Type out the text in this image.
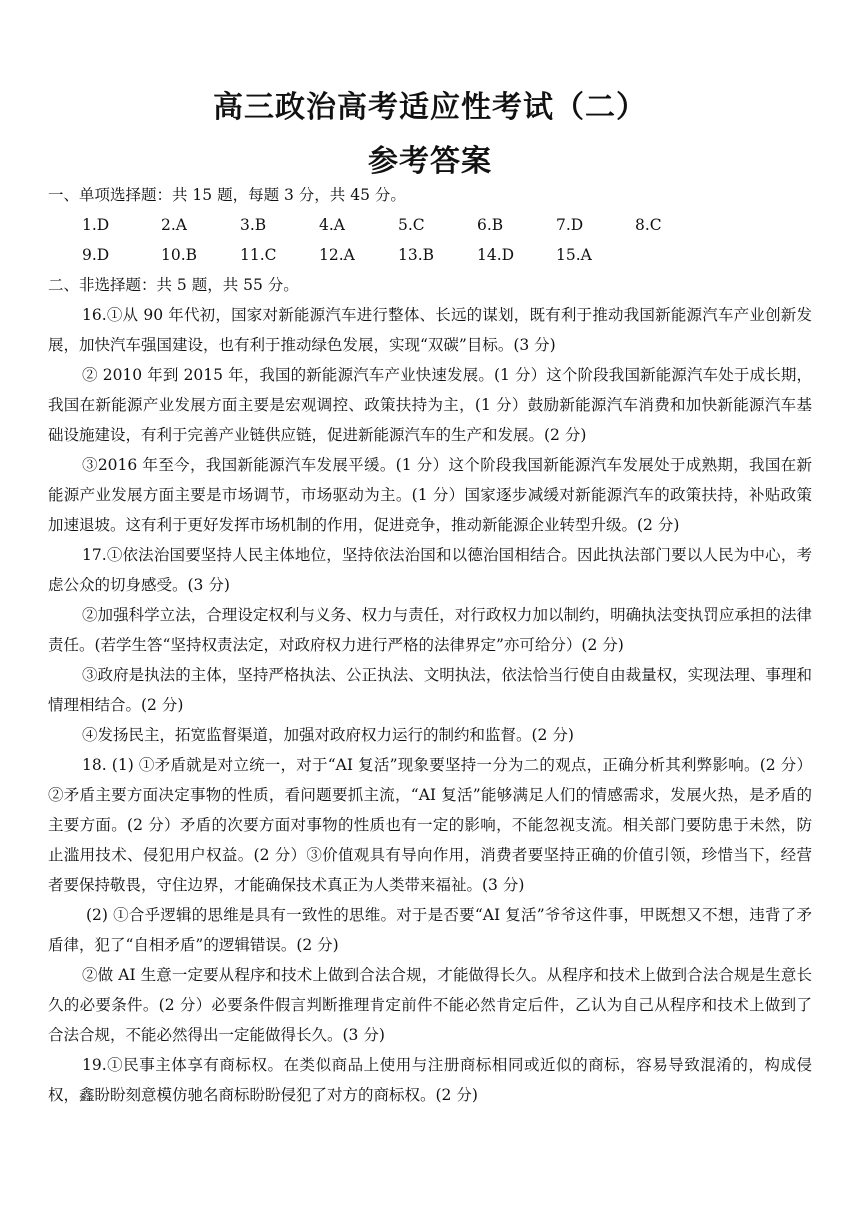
高三政治高考适应性考试（二）
参考答案

一、单项选择题：共 15 题，每题 3 分，共 45 分。

1.D	2.A	3.B	4.A	5.C	6.B	7.D	8.C
9.D	10.B	11.C	12.A	13.B	14.D	15.A

二、非选择题：共 5 题，共 55 分。

16.①从 90 年代初，国家对新能源汽车进行整体、长远的谋划，既有利于推动我国新能源汽车产业创新发展，加快汽车强国建设，也有利于推动绿色发展，实现“双碳”目标。(3 分)

② 2010 年到 2015 年，我国的新能源汽车产业快速发展。(1 分）这个阶段我国新能源汽车处于成长期，我国在新能源产业发展方面主要是宏观调控、政策扶持为主，(1 分）鼓励新能源汽车消费和加快新能源汽车基础设施建设，有利于完善产业链供应链，促进新能源汽车的生产和发展。(2 分)

③2016 年至今，我国新能源汽车发展平缓。(1 分）这个阶段我国新能源汽车发展处于成熟期，我国在新能源产业发展方面主要是市场调节，市场驱动为主。(1 分）国家逐步减缓对新能源汽车的政策扶持，补贴政策加速退坡。这有利于更好发挥市场机制的作用，促进竞争，推动新能源企业转型升级。(2 分)

17.①依法治国要坚持人民主体地位，坚持依法治国和以德治国相结合。因此执法部门要以人民为中心，考虑公众的切身感受。(3 分)

②加强科学立法，合理设定权利与义务、权力与责任，对行政权力加以制约，明确执法变执罚应承担的法律责任。(若学生答“坚持权责法定，对政府权力进行严格的法律界定”亦可给分）(2 分)

③政府是执法的主体，坚持严格执法、公正执法、文明执法，依法恰当行使自由裁量权，实现法理、事理和情理相结合。(2 分)

④发扬民主，拓宽监督渠道，加强对政府权力运行的制约和监督。(2 分)

18. (1) ①矛盾就是对立统一，对于“AI 复活”现象要坚持一分为二的观点，正确分析其利弊影响。(2 分）②矛盾主要方面决定事物的性质，看问题要抓主流，“AI 复活”能够满足人们的情感需求，发展火热，是矛盾的主要方面。(2 分）矛盾的次要方面对事物的性质也有一定的影响，不能忽视支流。相关部门要防患于未然，防止滥用技术、侵犯用户权益。(2 分）③价值观具有导向作用，消费者要坚持正确的价值引领，珍惜当下，经营者要保持敬畏，守住边界，才能确保技术真正为人类带来福祉。(3 分)

(2) ①合乎逻辑的思维是具有一致性的思维。对于是否要“AI 复活”爷爷这件事，甲既想又不想，违背了矛盾律，犯了“自相矛盾”的逻辑错误。(2 分)

②做 AI 生意一定要从程序和技术上做到合法合规，才能做得长久。从程序和技术上做到合法合规是生意长久的必要条件。(2 分）必要条件假言判断推理肯定前件不能必然肯定后件，乙认为自己从程序和技术上做到了合法合规，不能必然得出一定能做得长久。(3 分)

19.①民事主体享有商标权。在类似商品上使用与注册商标相同或近似的商标，容易导致混淆的，构成侵权，鑫盼盼刻意模仿驰名商标盼盼侵犯了对方的商标权。(2 分)
